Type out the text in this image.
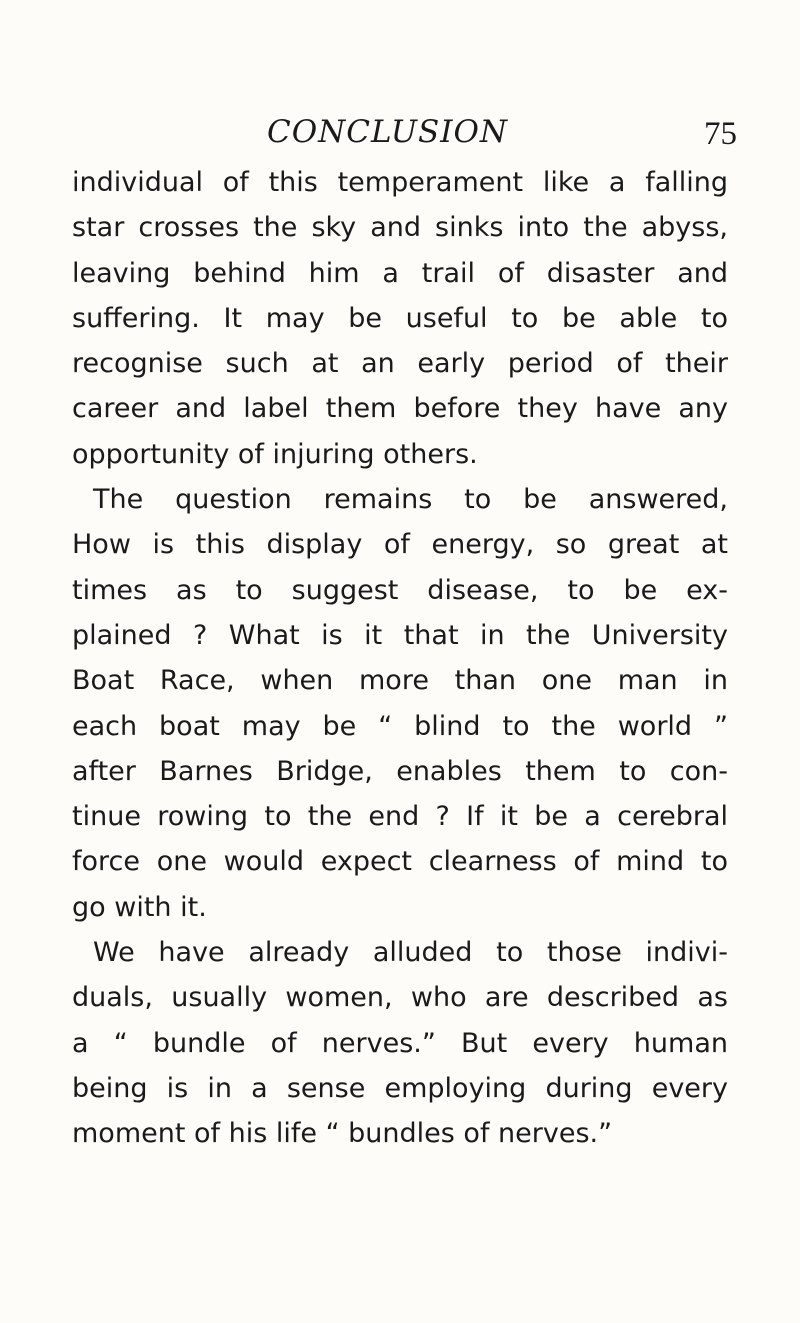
CONCLUSION	75
individual of this temperament like a falling
star crosses the sky and sinks into the abyss,
leaving behind him a trail of disaster and
suffering. It may be useful to be able to
recognise such at an early period of their
career and label them before they have any
opportunity of injuring others.
The question remains to be answered,
How is this display of energy, so great at
times as to suggest disease, to be ex-
plained ? What is it that in the University
Boat Race, when more than one man in
each boat may be “ blind to the world ”
after Barnes Bridge, enables them to con-
tinue rowing to the end ? If it be a cerebral
force one would expect clearness of mind to
go with it.
We have already alluded to those indivi-
duals, usually women, who are described as
a “ bundle of nerves.” But every human
being is in a sense employing during every
moment of his life “ bundles of nerves.”
